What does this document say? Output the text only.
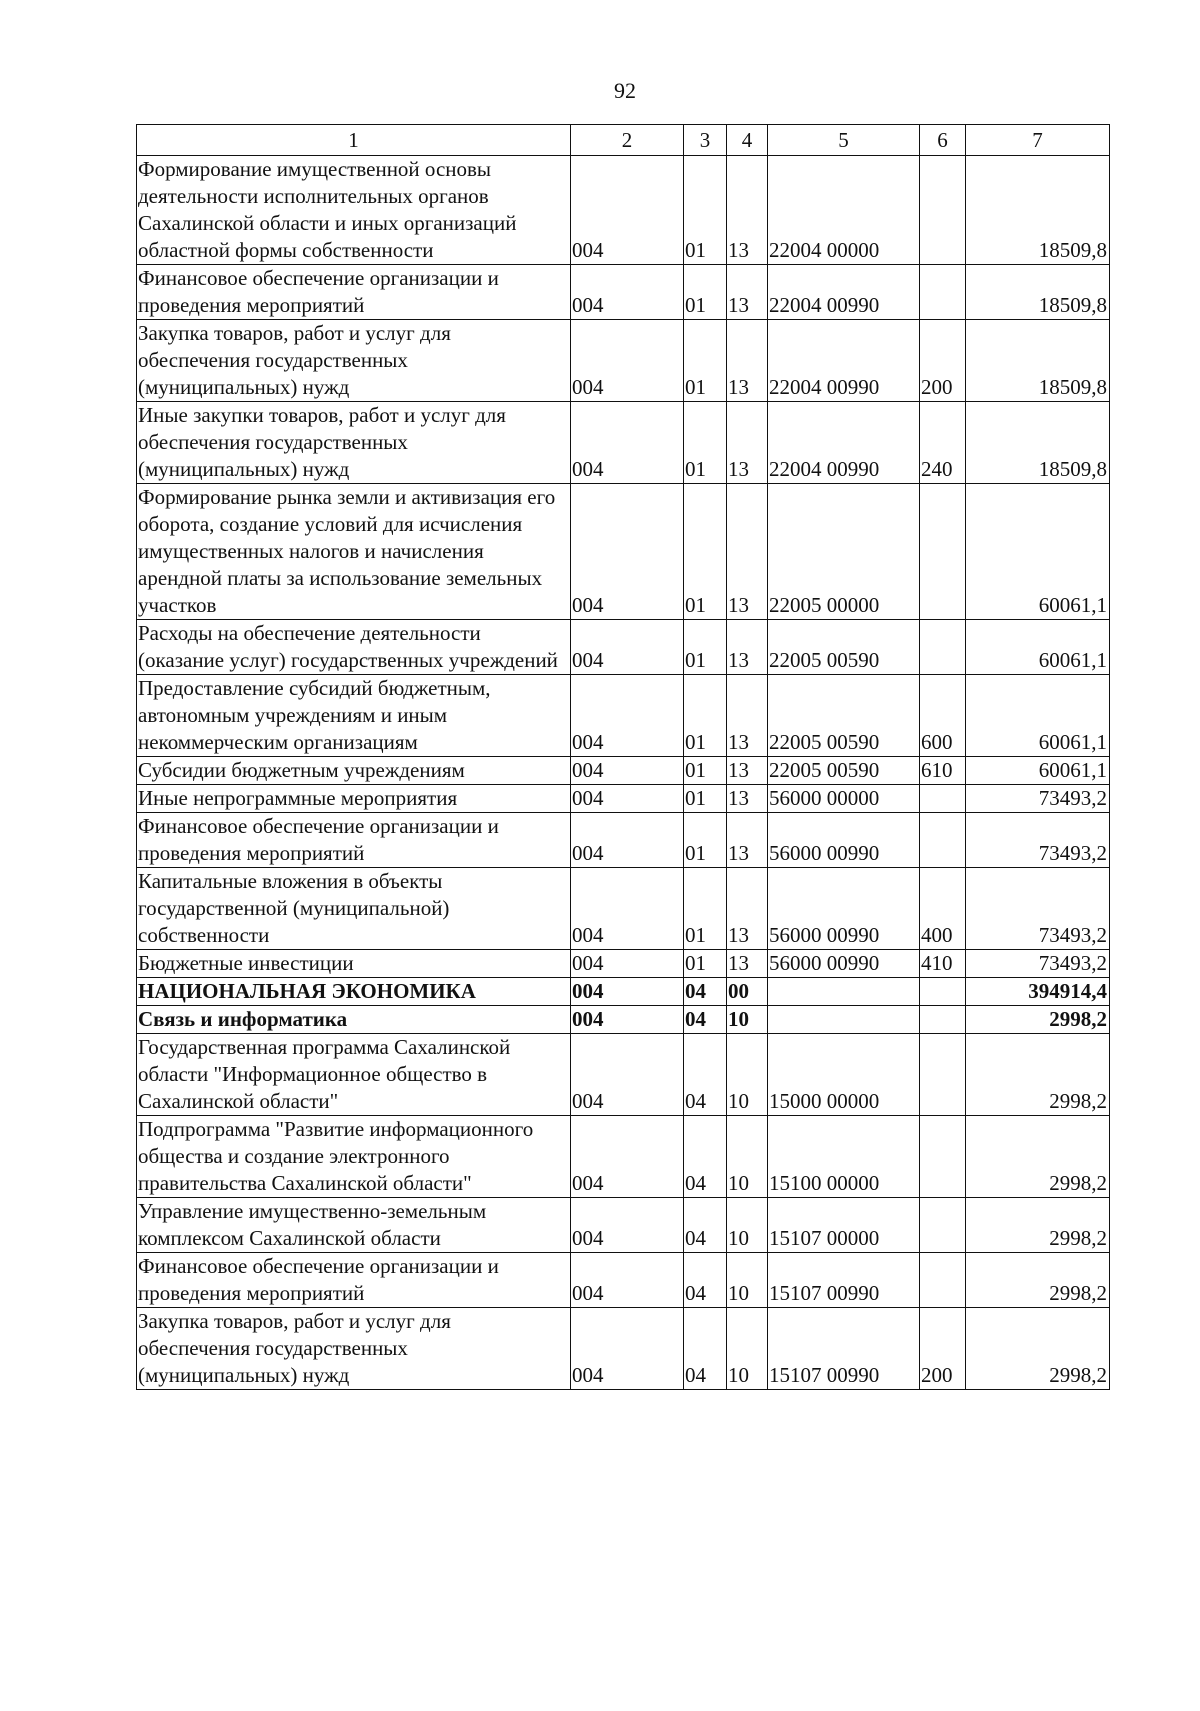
92
1	2	3	4	5	6	7
Формирование имущественной основы деятельности исполнительных органов Сахалинской области и иных организаций областной формы собственности	004	01	13	22004 00000		18509,8
Финансовое обеспечение организации и проведения мероприятий	004	01	13	22004 00990		18509,8
Закупка товаров, работ и услуг для обеспечения государственных (муниципальных) нужд	004	01	13	22004 00990	200	18509,8
Иные закупки товаров, работ и услуг для обеспечения государственных (муниципальных) нужд	004	01	13	22004 00990	240	18509,8
Формирование рынка земли и активизация его оборота, создание условий для исчисления имущественных налогов и начисления арендной платы за использование земельных участков	004	01	13	22005 00000		60061,1
Расходы на обеспечение деятельности (оказание услуг) государственных учреждений	004	01	13	22005 00590		60061,1
Предоставление субсидий бюджетным, автономным учреждениям и иным некоммерческим организациям	004	01	13	22005 00590	600	60061,1
Субсидии бюджетным учреждениям	004	01	13	22005 00590	610	60061,1
Иные непрограммные мероприятия	004	01	13	56000 00000		73493,2
Финансовое обеспечение организации и проведения мероприятий	004	01	13	56000 00990		73493,2
Капитальные вложения в объекты государственной (муниципальной) собственности	004	01	13	56000 00990	400	73493,2
Бюджетные инвестиции	004	01	13	56000 00990	410	73493,2
НАЦИОНАЛЬНАЯ ЭКОНОМИКА	004	04	00			394914,4
Связь и информатика	004	04	10			2998,2
Государственная программа Сахалинской области "Информационное общество в Сахалинской области"	004	04	10	15000 00000		2998,2
Подпрограмма "Развитие информационного общества и создание электронного правительства Сахалинской области"	004	04	10	15100 00000		2998,2
Управление имущественно-земельным комплексом Сахалинской области	004	04	10	15107 00000		2998,2
Финансовое обеспечение организации и проведения мероприятий	004	04	10	15107 00990		2998,2
Закупка товаров, работ и услуг для обеспечения государственных (муниципальных) нужд	004	04	10	15107 00990	200	2998,2
